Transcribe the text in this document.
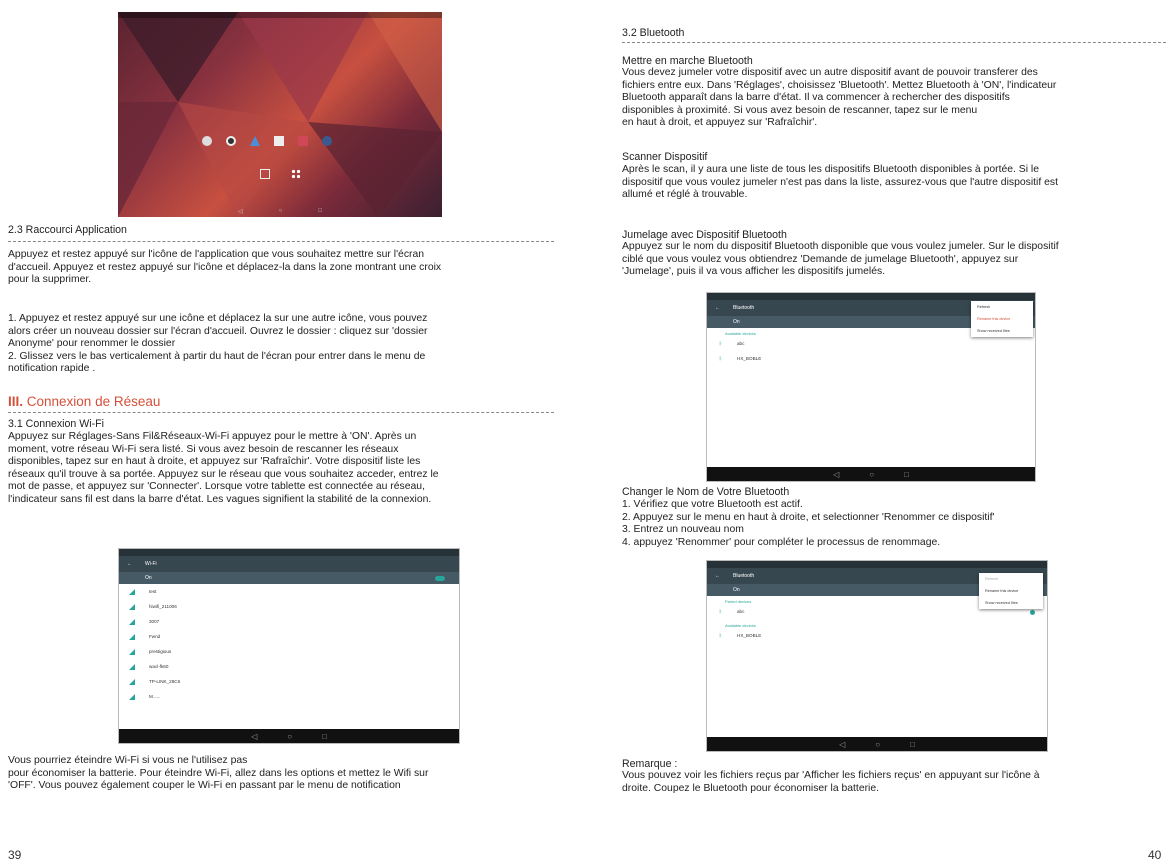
◁	○	□

2.3 Raccourci Application

Appuyez et restez appuyé sur l'icône de l'application que vous souhaitez mettre sur l'écran
d'accueil. Appuyez et restez appuyé sur l'icône et déplacez-la dans la zone montrant une croix
pour la supprimer.

1. Appuyez et restez appuyé sur une icône et déplacez la sur une autre icône, vous pouvez
alors créer un nouveau dossier sur l'écran d'accueil. Ouvrez le dossier : cliquez sur 'dossier
Anonyme' pour renommer le dossier
2. Glissez vers le bas verticalement à partir du haut de l'écran pour entrer dans le menu de
notification rapide .

III. Connexion de Réseau

3.1 Connexion Wi-Fi

Appuyez sur Réglages-Sans Fil&Réseaux-Wi-Fi appuyez pour le mettre à 'ON'. Après un
moment, votre réseau Wi-Fi sera listé. Si vous avez besoin de rescanner les réseaux
disponibles, tapez sur en haut à droite, et appuyez sur 'Rafraîchir'. Votre dispositif liste les
réseaux qu'il trouve à sa portée. Appuyez sur le réseau que vous souhaitez acceder, entrez le
mot de passe, et appuyez sur 'Connecter'. Lorsque votre tablette est connectée au réseau,
l'indicateur sans fil est dans la barre d'état. Les vagues signifient la stabilité de la connexion.

←	Wi-Fi
On
test
hiwifi_211006
3007
Fwnd
prestigious
wacl-fk60
TP-LINK_28C6
M......
◁	○	□

Vous pourriez éteindre Wi-Fi si vous ne l'utilisez pas
pour économiser la batterie. Pour éteindre Wi-Fi, allez dans les options et mettez le Wifi sur
'OFF'. Vous pouvez également couper le Wi-Fi en passant par le menu de notification

39

3.2 Bluetooth

Mettre en marche Bluetooth

Vous devez jumeler votre dispositif avec un autre dispositif avant de pouvoir transferer des
fichiers entre eux. Dans 'Réglages', choisissez 'Bluetooth'. Mettez Bluetooth à 'ON', l'indicateur
Bluetooth apparaît dans la barre d'état. Il va commencer à rechercher des dispositifs
disponibles à proximité. Si vous avez besoin de rescanner, tapez sur le menu
en haut à droit, et appuyez sur 'Rafraîchir'.

Scanner Dispositif

Après le scan, il y aura une liste de tous les dispositifs Bluetooth disponibles à portée. Si le
dispositif que vous voulez jumeler n'est pas dans la liste, assurez-vous que l'autre dispositif est
allumé et réglé à trouvable.

Jumelage avec Dispositif Bluetooth

Appuyez sur le nom du dispositif Bluetooth disponible que vous voulez jumeler. Sur le dispositif
ciblé que vous voulez vous obtiendrez 'Demande de jumelage Bluetooth', appuyez sur
'Jumelage', puis il va vous afficher les dispositifs jumelés.

←	Bluetooth
On
Available devices
ᛒ	abc
ᛒ	HX_BOBLE
Refresh
Rename this device
Show received files
◁	○	□

Changer le Nom de Votre Bluetooth

1. Vérifiez que votre Bluetooth est actif.
2. Appuyez sur le menu en haut à droite, et selectionner 'Renommer ce dispositif'
3. Entrez un nouveau nom
4. appuyez 'Renommer' pour compléter le processus de renommage.

←	Bluetooth
On
Paired devices
ᛒ	abc
Available devices
ᛒ	HX_BOBLE
Refresh
Rename this device
Show received files
◁	○	□

Remarque :

Vous pouvez voir les fichiers reçus par 'Afficher les fichiers reçus' en appuyant sur l'icône à
droite. Coupez le Bluetooth pour économiser la batterie.

40
